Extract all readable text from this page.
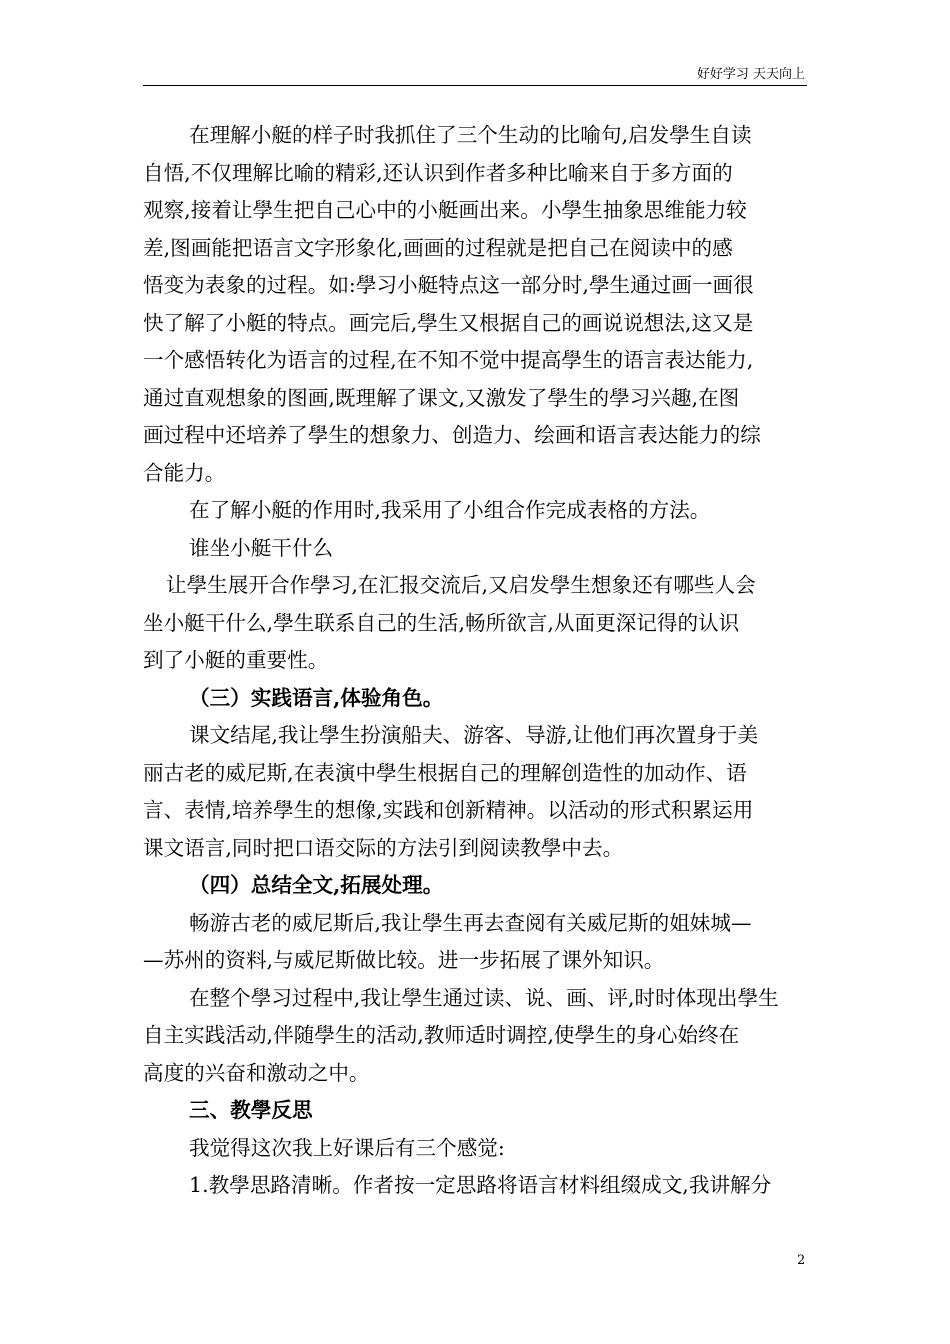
好好学习 天天向上
在理解小艇的样子时我抓住了三个生动的比喻句,启发學生自读
自悟,不仅理解比喻的精彩,还认识到作者多种比喻来自于多方面的
观察,接着让學生把自己心中的小艇画出来。小學生抽象思维能力较
差,图画能把语言文字形象化,画画的过程就是把自己在阅读中的感
悟变为表象的过程。如:學习小艇特点这一部分时,學生通过画一画很
快了解了小艇的特点。画完后,學生又根据自己的画说说想法,这又是
一个感悟转化为语言的过程,在不知不觉中提高學生的语言表达能力,
通过直观想象的图画,既理解了课文,又激发了學生的學习兴趣,在图
画过程中还培养了學生的想象力、创造力、绘画和语言表达能力的综
合能力。
在了解小艇的作用时,我采用了小组合作完成表格的方法。
谁坐小艇干什么
让學生展开合作學习,在汇报交流后,又启发學生想象还有哪些人会
坐小艇干什么,學生联系自己的生活,畅所欲言,从面更深记得的认识
到了小艇的重要性。
（三）实践语言,体验角色。
课文结尾,我让學生扮演船夫、游客、导游,让他们再次置身于美
丽古老的威尼斯,在表演中學生根据自己的理解创造性的加动作、语
言、表情,培养學生的想像,实践和创新精神。以活动的形式积累运用
课文语言,同时把口语交际的方法引到阅读教學中去。
（四）总结全文,拓展处理。
畅游古老的威尼斯后,我让學生再去查阅有关威尼斯的姐妹城—
—苏州的资料,与威尼斯做比较。进一步拓展了课外知识。
在整个學习过程中,我让學生通过读、说、画、评,时时体现出學生
自主实践活动,伴随學生的活动,教师适时调控,使學生的身心始终在
高度的兴奋和激动之中。
三、教學反思
我觉得这次我上好课后有三个感觉:
1.教學思路清晰。作者按一定思路将语言材料组缀成文,我讲解分
2
